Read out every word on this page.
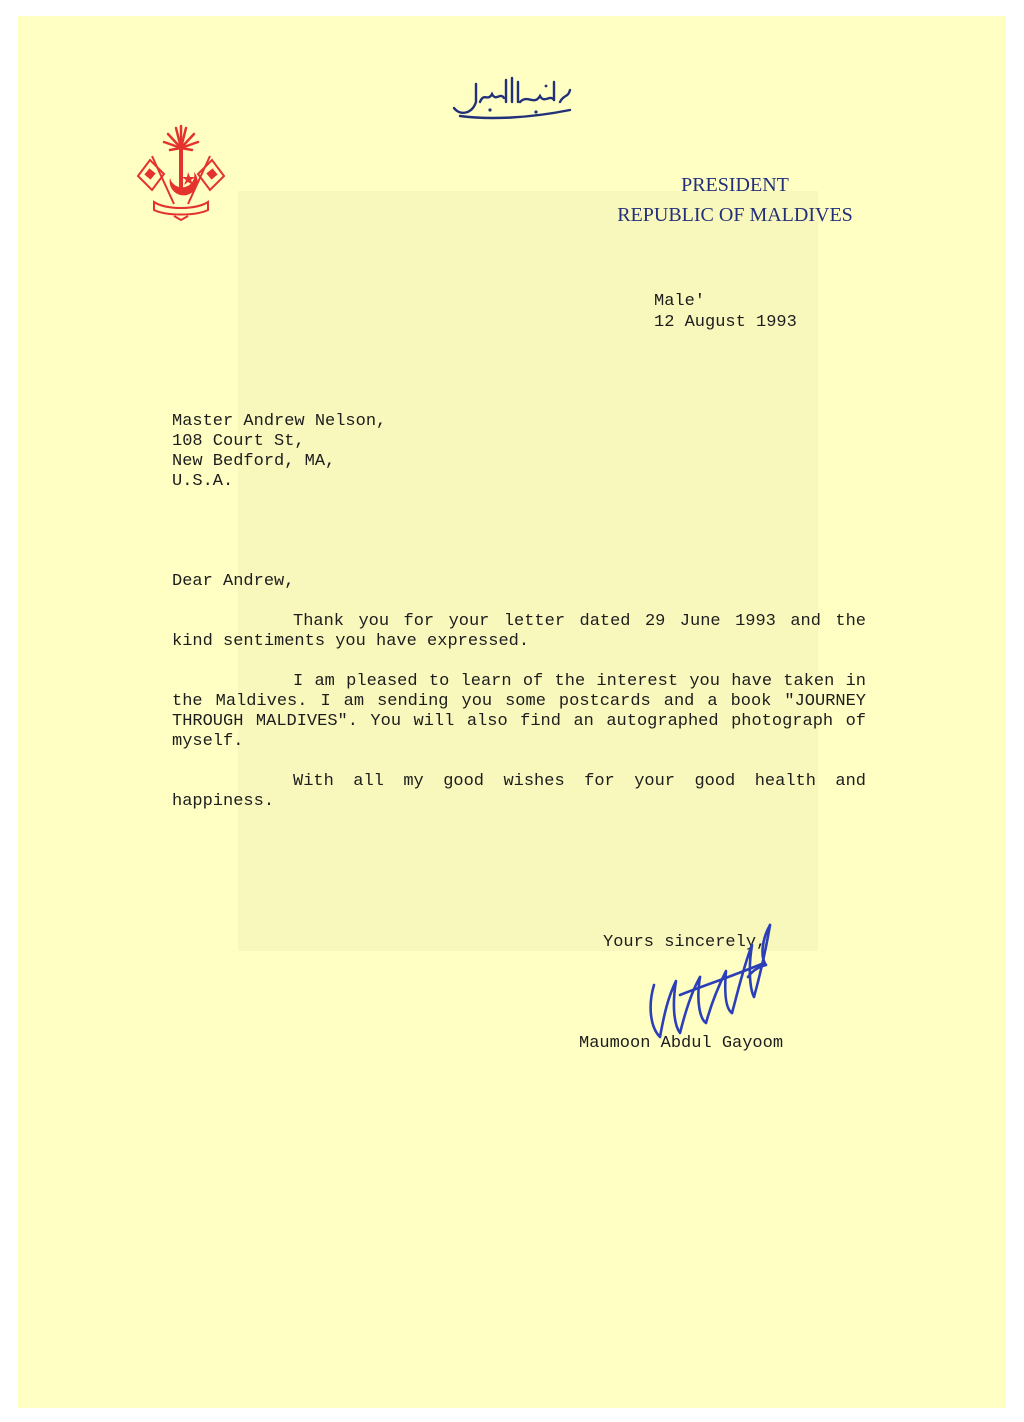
PRESIDENT
REPUBLIC OF MALDIVES
Male'
12 August 1993
Master Andrew Nelson,
108 Court St,
New Bedford, MA,
U.S.A.
Dear Andrew,
Thank you for your letter dated 29 June 1993 and the kind sentiments you have expressed.
I am pleased to learn of the interest you have taken in the Maldives. I am sending you some postcards and a book "JOURNEY THROUGH MALDIVES". You will also find an autographed photograph of myself.
With all my good wishes for your good health and happiness.
Yours sincerely,
Maumoon Abdul Gayoom
